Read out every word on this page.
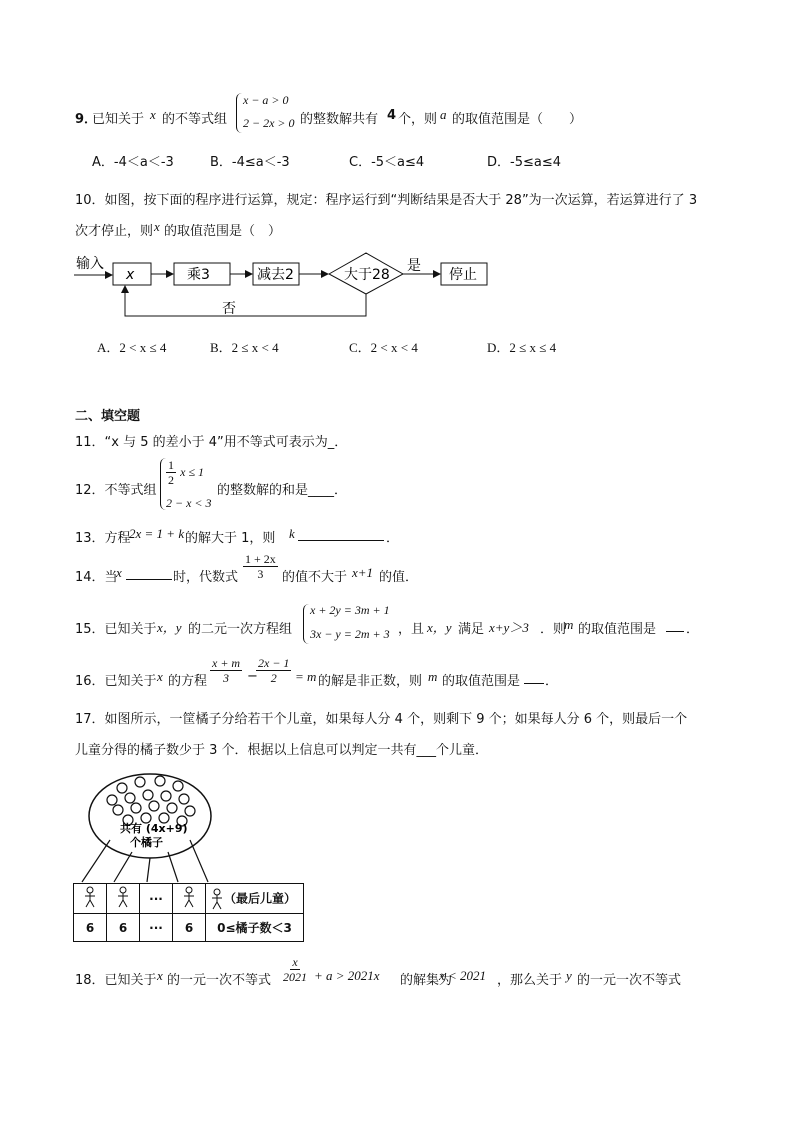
9．
已知关于 x 的不等式组
x − a > 0
2 − 2x > 0 的整数解共有 4 个，则 a 的取值范围是（　　）
A．-4＜a＜-3	B．-4≤a＜-3	C．-5＜a≤4	D．-5≤a≤4
10．如图，按下面的程序进行运算，规定：程序运行到“判断结果是否大于 28”为一次运算，若运算进行了 3
次才停止，则 x 的取值范围是（　）
输入
x	乘3	减去2	大于28
是
停止
否
A．2 < x ≤ 4	B．2 ≤ x < 4	C．2 < x < 4	D．2 ≤ x ≤ 4
二、填空题
11．“x 与 5 的差小于 4”用不等式可表示为_．
12．不等式组
$\frac{1}{2}$ x ≤ 1
2 − x < 3
的整数解的和是____．
13．方程
2x = 1 + k 的解大于 1，则 k	．
14．当
x	时，代数式 $\frac{1 + 2x}{3}$ 的值不大于 x+1 的值．
15．已知关于 x，y 的二元一次方程组
x + 2y = 3m + 1
3x − y = 2m + 3 ，且 x，y 满足 x+y＞3 ．则
m 的取值范围是 ．
16．已知关于 x 的方程 $\frac{x + m}{3}$ −
$\frac{2x - 1}{2} = m$ 的解是非正数，则 m 的取值范围是 ．
17．如图所示，一筐橘子分给若干个儿童，如果每人分 4 个，则剩下 9 个；如果每人分 6 个，则最后一个
儿童分得的橘子数少于 3 个．根据以上信息可以判定一共有___个儿童．
共有 (4x+9)
个橘子
		···		（最后儿童）
6	6	···	6	0≤橘子数＜3
18．已知关于 x 的一元一次不等式 $\frac{x}{2021} + a > 2021x$ 的解集为
x < 2021 ，那么关于 y 的一元一次不等式
